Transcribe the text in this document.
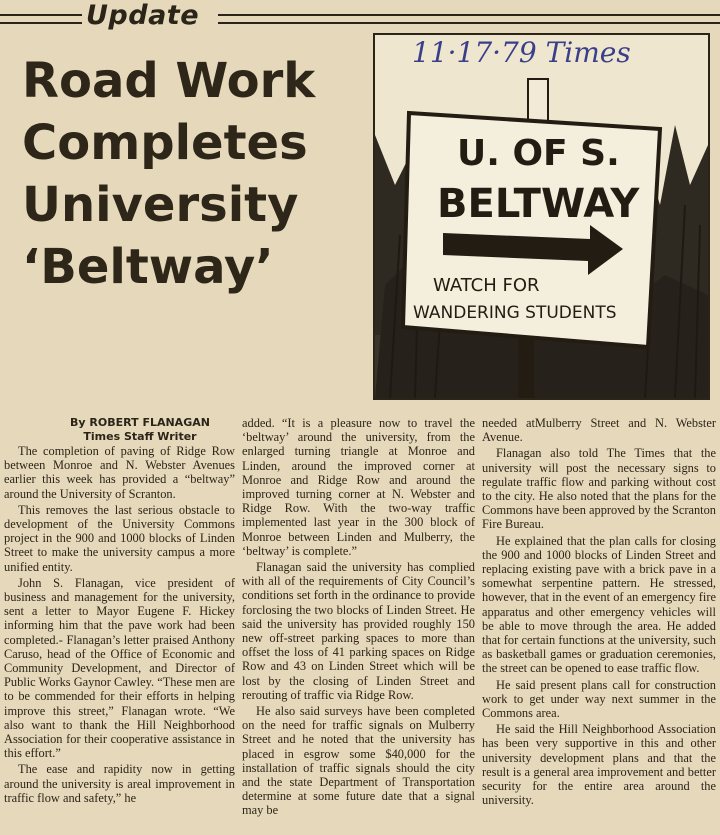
Update
Road Work
Completes
University
‘Beltway’
U. OF S.
BELTWAY
WATCH FOR
WANDERING STUDENTS
11·17·79 Times
By ROBERT FLANAGAN
Times Staff Writer

The completion of paving of Ridge Row between Monroe and N. Webster Avenues earlier this week has provided a “beltway” around the University of Scranton.

This removes the last serious obstacle to development of the University Commons project in the 900 and 1000 blocks of Linden Street to make the university campus a more unified entity.

John S. Flanagan, vice president of business and management for the university, sent a letter to Mayor Eugene F. Hickey informing him that the pave work had been completed.- Flanagan’s letter praised Anthony Caruso, head of the Office of Economic and Community Development, and Director of Public Works Gaynor Cawley. “These men are to be commended for their efforts in helping improve this street,” Flanagan wrote. “We also want to thank the Hill Neighborhood Association for their cooperative assistance in this effort.”

The ease and rapidity now in getting around the university is areal improvement in traffic flow and safety,” he

added. “It is a pleasure now to travel the ‘beltway’ around the university, from the enlarged turning triangle at Monroe and Linden, around the improved corner at Monroe and Ridge Row and around the improved turning corner at N. Webster and Ridge Row. With the two-way traffic implemented last year in the 300 block of Monroe between Linden and Mulberry, the ‘beltway’ is complete.”

Flanagan said the university has complied with all of the requirements of City Council’s conditions set forth in the ordinance to provide forclosing the two blocks of Linden Street. He said the university has provided roughly 150 new off-street parking spaces to more than offset the loss of 41 parking spaces on Ridge Row and 43 on Linden Street which will be lost by the closing of Linden Street and rerouting of traffic via Ridge Row.

He also said surveys have been completed on the need for traffic signals on Mulberry Street and he noted that the university has placed in esgrow some $40,000 for the installation of traffic signals should the city and the state Department of Transportation determine at some future date that a signal may be

needed atMulberry Street and N. Webster Avenue.

Flanagan also told The Times that the university will post the necessary signs to regulate traffic flow and parking without cost to the city. He also noted that the plans for the Commons have been approved by the Scranton Fire Bureau.

He explained that the plan calls for closing the 900 and 1000 blocks of Linden Street and replacing existing pave with a brick pave in a somewhat serpentine pattern. He stressed, however, that in the event of an emergency fire apparatus and other emergency vehicles will be able to move through the area. He added that for certain functions at the university, such as basketball games or graduation ceremonies, the street can be opened to ease traffic flow.

He said present plans call for construction work to get under way next summer in the Commons area.

He said the Hill Neighborhood Association has been very supportive in this and other university development plans and that the result is a general area improvement and better security for the entire area around the university.
